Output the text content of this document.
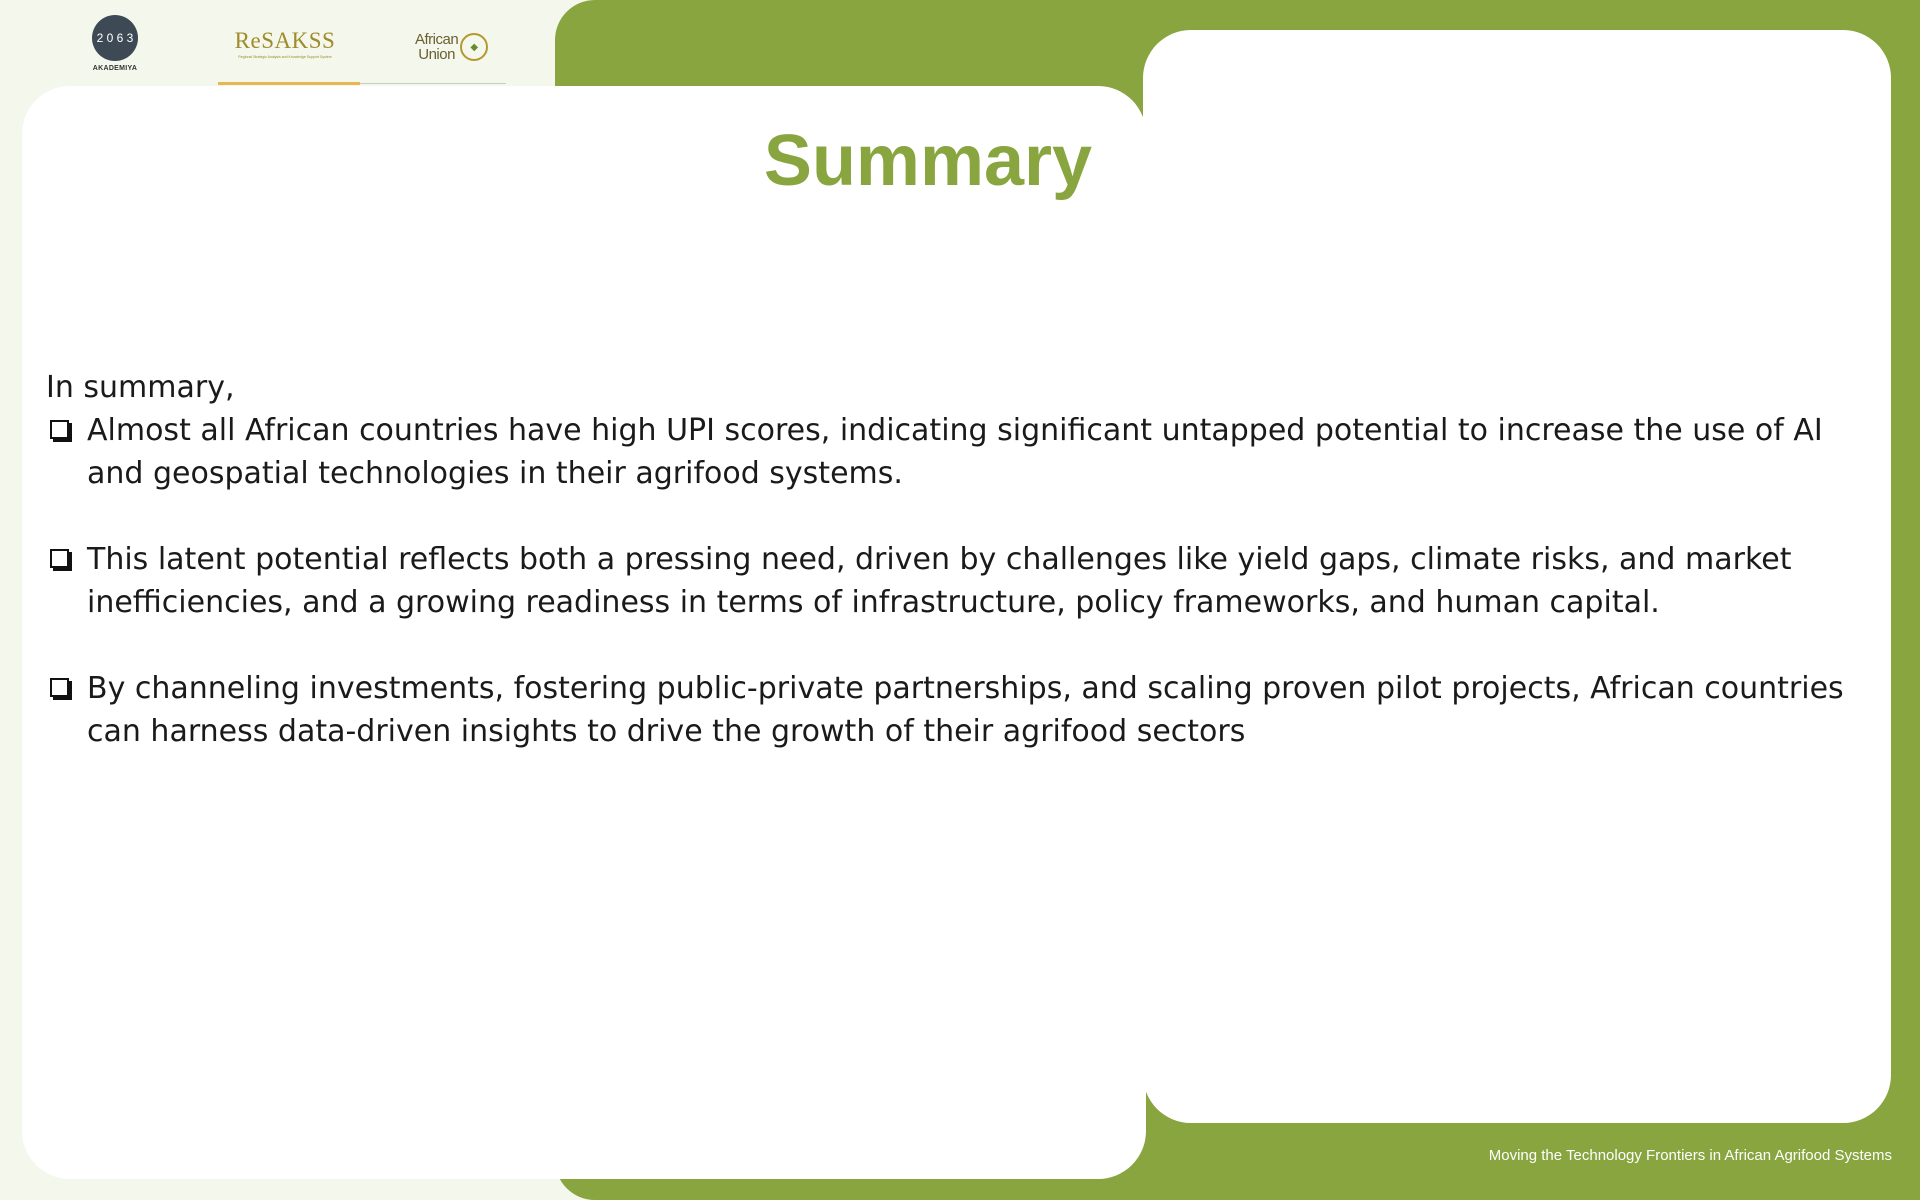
2 0 6 3
AKADEMIYA
ReSAKSS
Regional Strategic Analysis and Knowledge Support System
African
Union	◆
Summary

In summary,

Almost all African countries have high UPI scores, indicating significant untapped potential to increase the use of AI and geospatial technologies in their agrifood systems.
This latent potential reflects both a pressing need, driven by challenges like yield gaps, climate risks, and market inefficiencies, and a growing readiness in terms of infrastructure, policy frameworks, and human capital.
By channeling investments, fostering public-private partnerships, and scaling proven pilot projects, African countries can harness data-driven insights to drive the growth of their agrifood sectors
Moving the Technology Frontiers in African Agrifood Systems
